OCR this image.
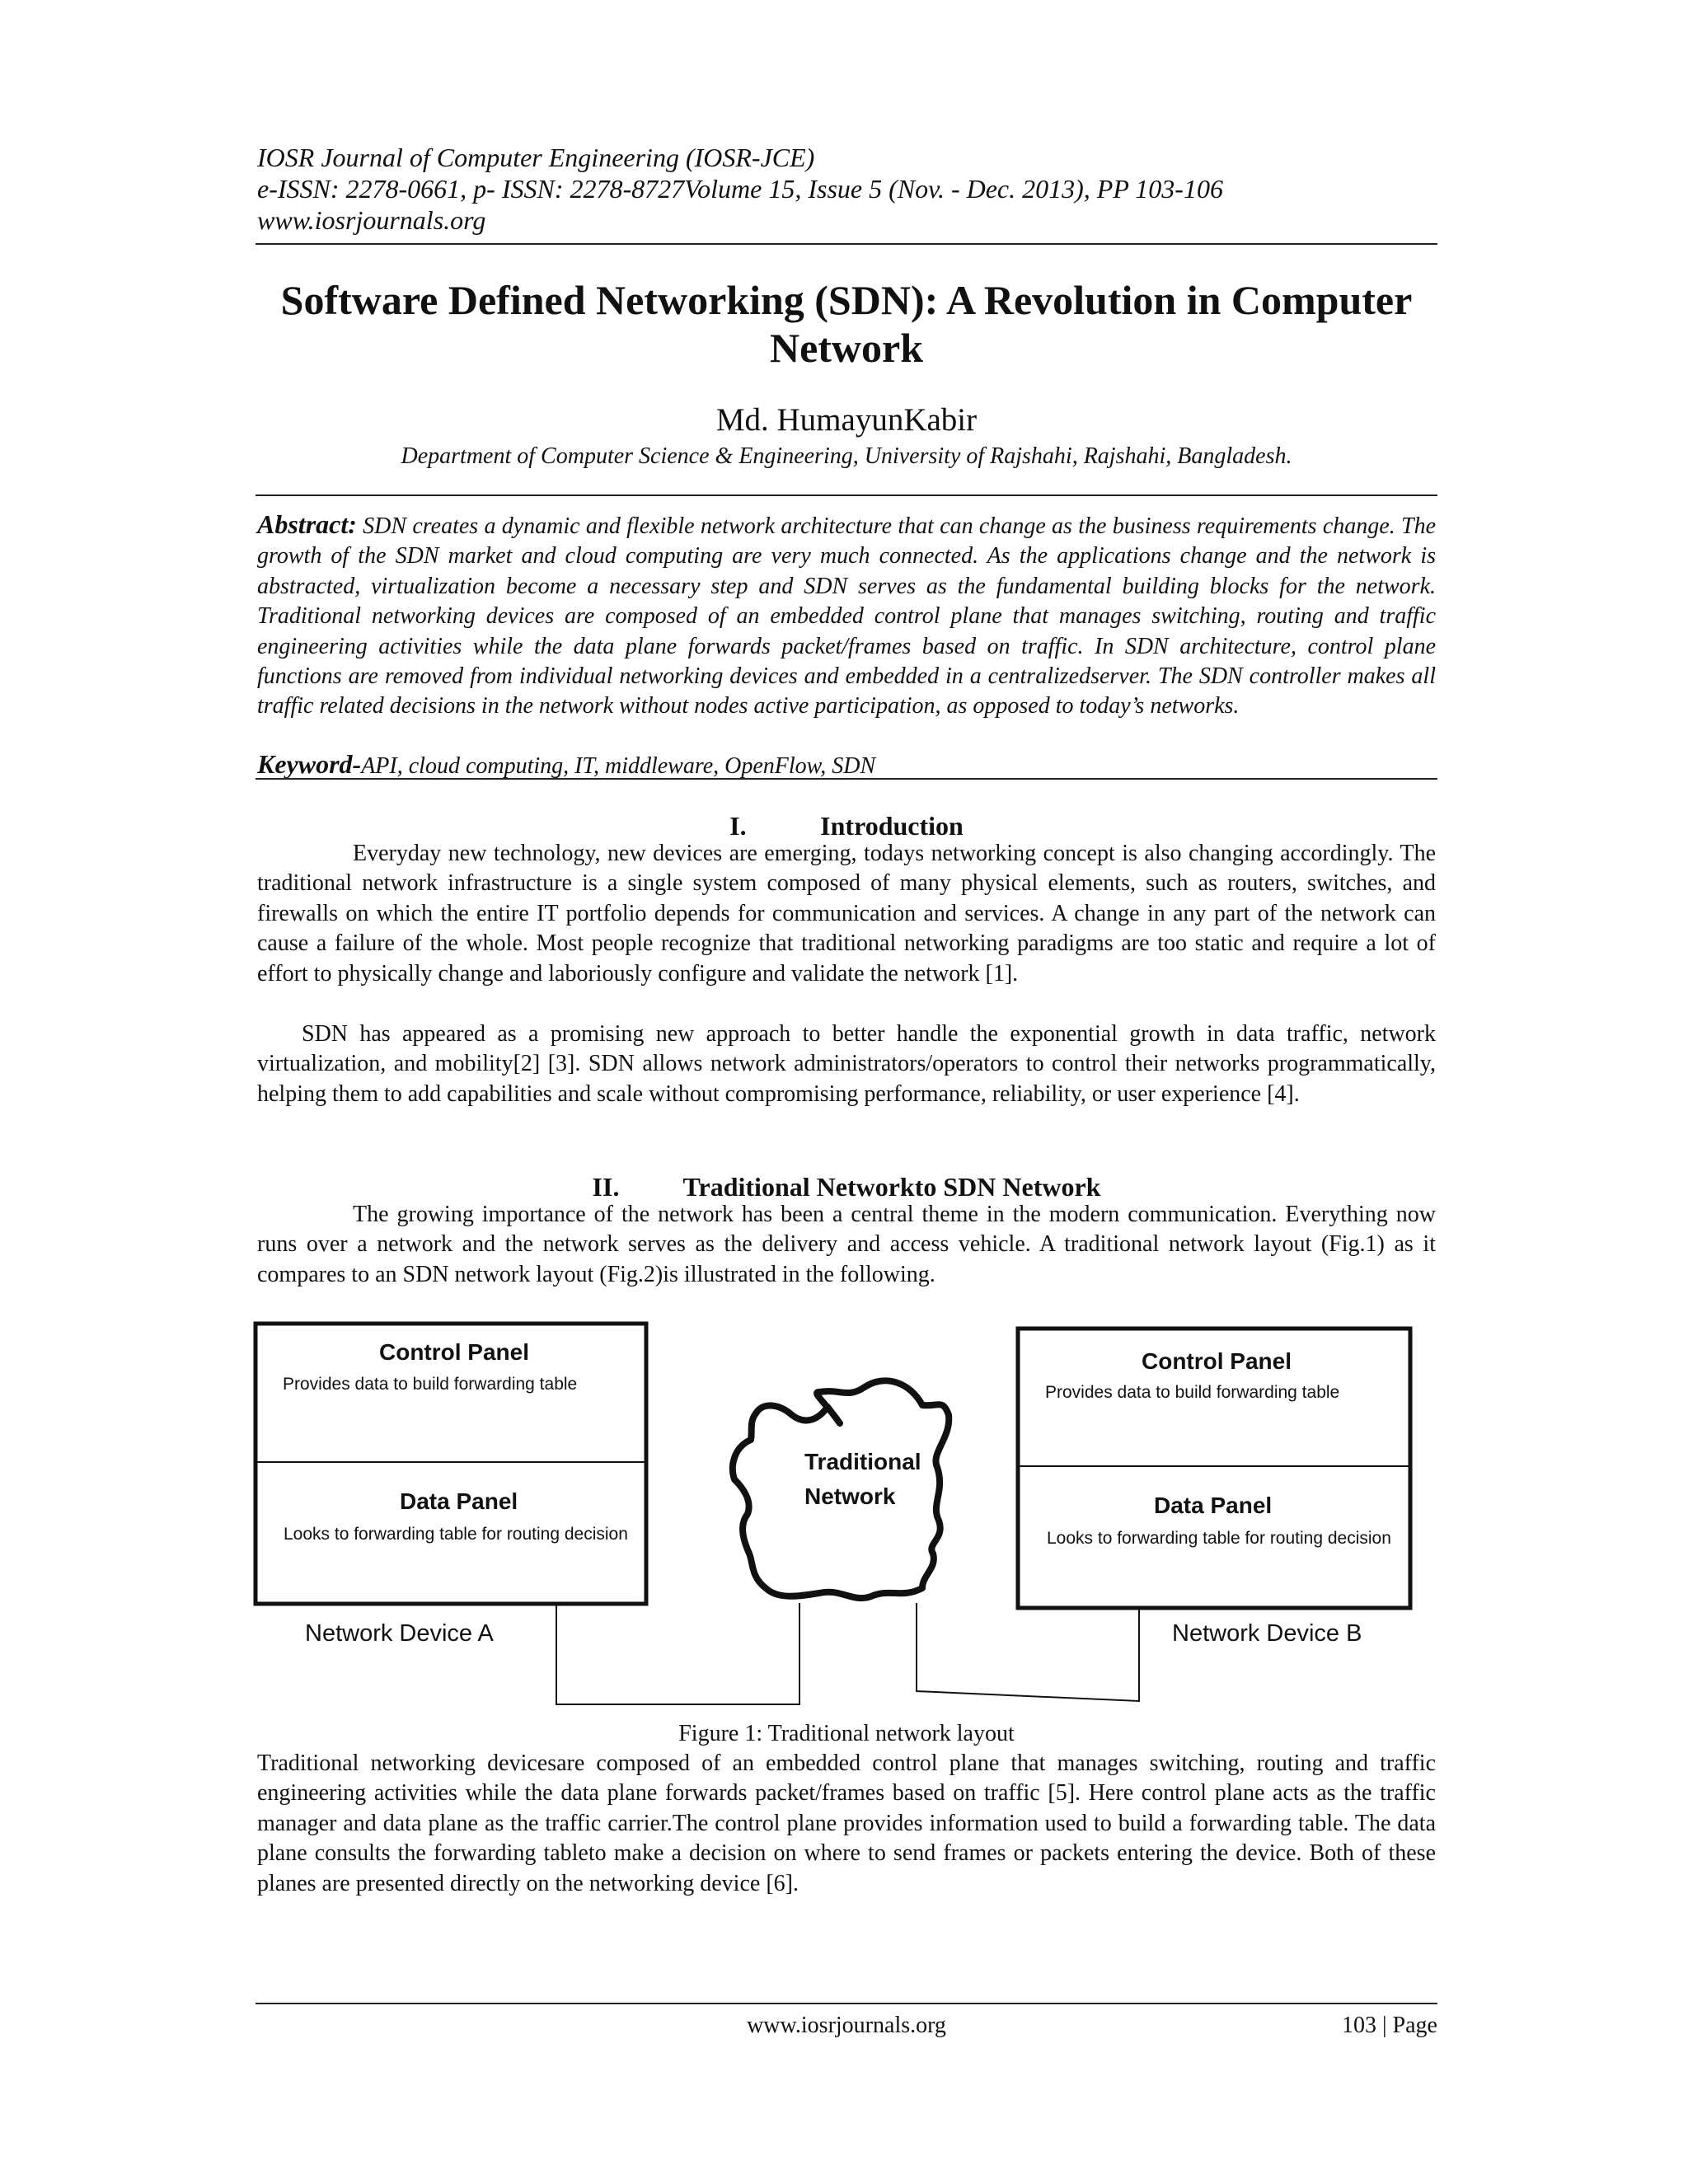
IOSR Journal of Computer Engineering (IOSR-JCE)
e-ISSN: 2278-0661, p- ISSN: 2278-8727Volume 15, Issue 5 (Nov. - Dec. 2013), PP 103-106
www.iosrjournals.org
Software Defined Networking (SDN): A Revolution in Computer
Network
Md. HumayunKabir
Department of Computer Science & Engineering, University of Rajshahi, Rajshahi, Bangladesh.
Abstract: SDN creates a dynamic and flexible network architecture that can change as the business requirements change. The growth of the SDN market and cloud computing are very much connected. As the applications change and the network is abstracted, virtualization become a necessary step and SDN serves as the fundamental building blocks for the network. Traditional networking devices are composed of an embedded control plane that manages switching, routing and traffic engineering activities while the data plane forwards packet/frames based on traffic. In SDN architecture, control plane functions are removed from individual networking devices and embedded in a centralizedserver. The SDN controller makes all traffic related decisions in the network without nodes active participation, as opposed to today’s networks.
Keyword-API, cloud computing, IT, middleware, OpenFlow, SDN
I.	Introduction
Everyday new technology, new devices are emerging, todays networking concept is also changing accordingly. The traditional network infrastructure is a single system composed of many physical elements, such as routers, switches, and firewalls on which the entire IT portfolio depends for communication and services. A change in any part of the network can cause a failure of the whole. Most people recognize that traditional networking paradigms are too static and require a lot of effort to physically change and laboriously configure and validate the network [1].
SDN has appeared as a promising new approach to better handle the exponential growth in data traffic, network virtualization, and mobility[2] [3]. SDN allows network administrators/operators to control their networks programmatically, helping them to add capabilities and scale without compromising performance, reliability, or user experience [4].
II. Traditional Networkto SDN Network
The growing importance of the network has been a central theme in the modern communication. Everything now runs over a network and the network serves as the delivery and access vehicle. A traditional network layout (Fig.1) as it compares to an SDN network layout (Fig.2)is illustrated in the following.
Control Panel
Provides data to build forwarding table
Data Panel
Looks to forwarding table for routing decision
Network Device A
Control Panel
Provides data to build forwarding table
Data Panel
Looks to forwarding table for routing decision
Network Device B
Traditional
Network
Figure 1: Traditional network layout
Traditional networking devicesare composed of an embedded control plane that manages switching, routing and traffic engineering activities while the data plane forwards packet/frames based on traffic [5]. Here control plane acts as the traffic manager and data plane as the traffic carrier.The control plane provides information used to build a forwarding table. The data plane consults the forwarding tableto make a decision on where to send frames or packets entering the device. Both of these planes are presented directly on the networking device [6].
www.iosrjournals.org	103 | Page
